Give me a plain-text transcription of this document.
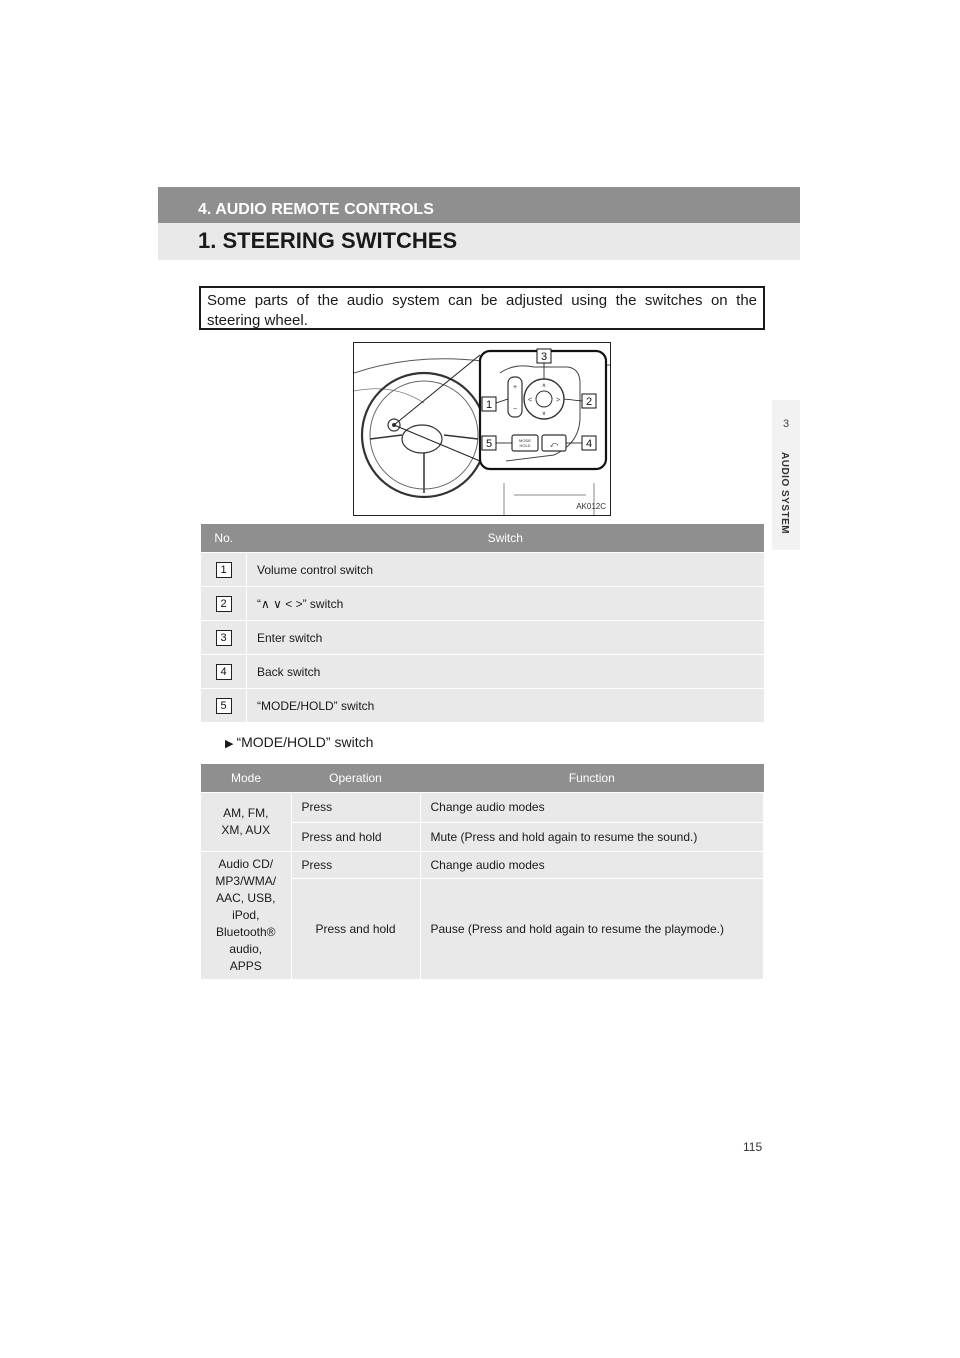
4. AUDIO REMOTE CONTROLS
1. STEERING SWITCHES
3
AUDIO SYSTEM
Some parts of the audio system can be adjusted using the switches on the steering wheel.
∧
∨
<	>
+
−
MODE
HOLD ⤺
1	2
3
4
5
AK012C
No.	Switch
1	Volume control switch
2	“∧ ∨ < >” switch
3	Enter switch
4	Back switch
5	“MODE/HOLD” switch
▶ “MODE/HOLD” switch
Mode	Operation	Function

AM, FM, XM, AUX	Press	Change audio modes
	Press and hold	Mute (Press and hold again to resume the sound.)

Audio CD/ MP3/WMA/ AAC, USB, iPod, Bluetooth® audio, APPS	Press	Change audio modes
	Press and hold	Pause (Press and hold again to resume the playmode.)
115
